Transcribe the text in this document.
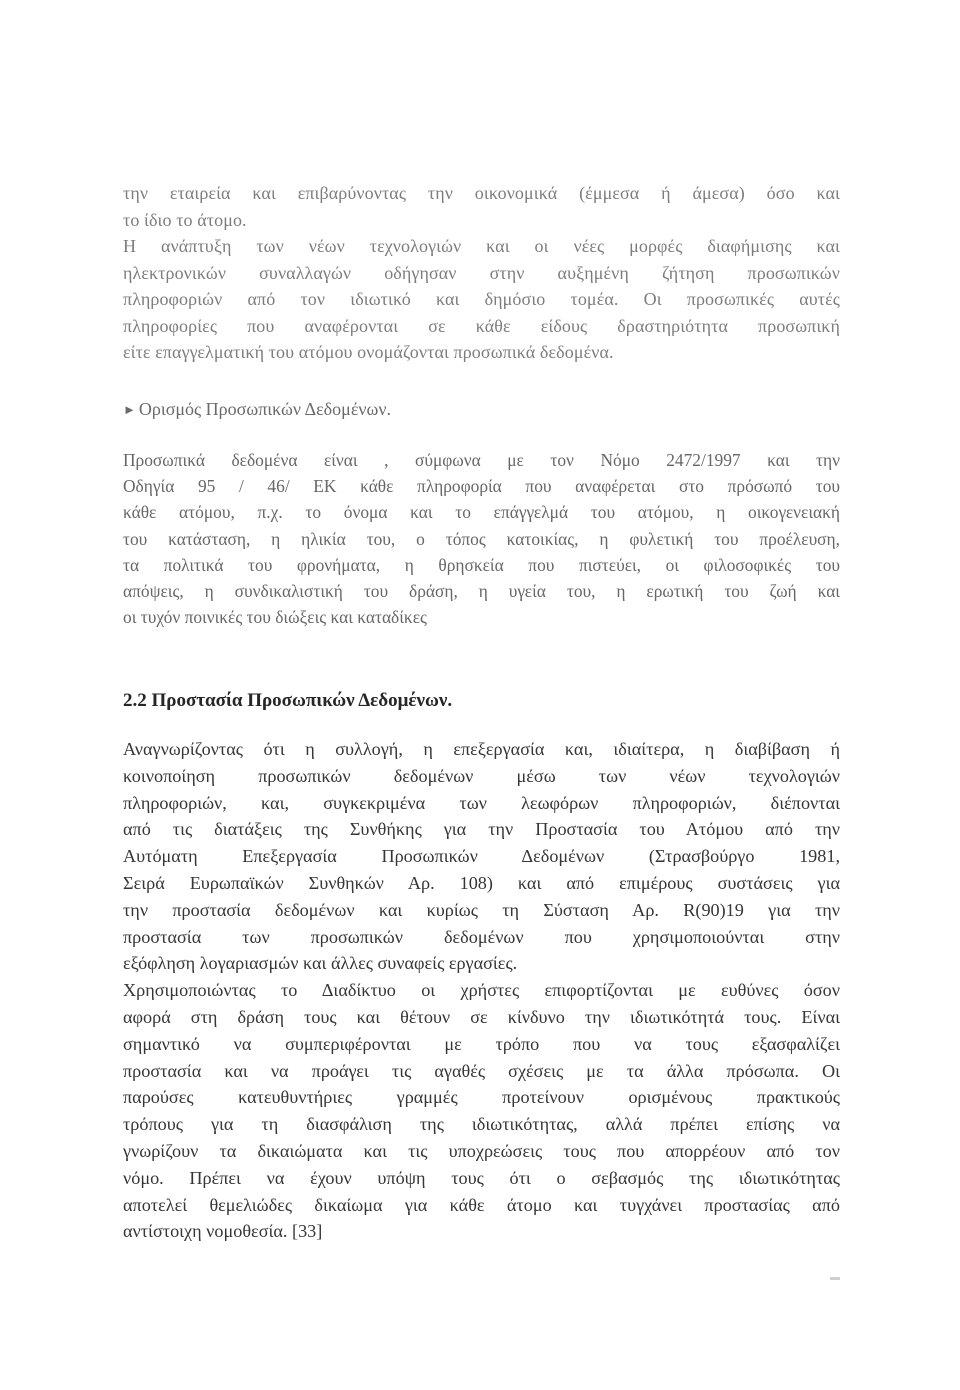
την εταιρεία και επιβαρύνοντας την οικονομικά (έμμεσα ή άμεσα) όσο και
το ίδιο το άτομο.
Η ανάπτυξη των νέων τεχνολογιών και οι νέες μορφές διαφήμισης και
ηλεκτρονικών συναλλαγών οδήγησαν στην αυξημένη ζήτηση προσωπικών
πληροφοριών από τον ιδιωτικό και δημόσιο τομέα. Οι προσωπικές αυτές
πληροφορίες που αναφέρονται σε κάθε είδους δραστηριότητα προσωπική
είτε επαγγελματική του ατόμου ονομάζονται προσωπικά δεδομένα.
► Ορισμός Προσωπικών Δεδομένων.
Προσωπικά δεδομένα είναι , σύμφωνα με τον Νόμο 2472/1997 και την
Οδηγία 95 / 46/ ΕΚ κάθε πληροφορία που αναφέρεται στο πρόσωπό του
κάθε ατόμου, π.χ. το όνομα και το επάγγελμά του ατόμου, η οικογενειακή
του κατάσταση, η ηλικία του, ο τόπος κατοικίας, η φυλετική του προέλευση,
τα πολιτικά του φρονήματα, η θρησκεία που πιστεύει, οι φιλοσοφικές του
απόψεις, η συνδικαλιστική του δράση, η υγεία του, η ερωτική του ζωή και
οι τυχόν ποινικές του διώξεις και καταδίκες
2.2 Προστασία Προσωπικών Δεδομένων.
Αναγνωρίζοντας ότι η συλλογή, η επεξεργασία και, ιδιαίτερα, η διαβίβαση ή
κοινοποίηση προσωπικών δεδομένων μέσω των νέων τεχνολογιών
πληροφοριών, και, συγκεκριμένα των λεωφόρων πληροφοριών, διέπονται
από τις διατάξεις της Συνθήκης για την Προστασία του Ατόμου από την
Αυτόματη Επεξεργασία Προσωπικών Δεδομένων (Στρασβούργο 1981,
Σειρά Ευρωπαϊκών Συνθηκών Αρ. 108) και από επιμέρους συστάσεις για
την προστασία δεδομένων και κυρίως τη Σύσταση Αρ. R(90)19 για την
προστασία των προσωπικών δεδομένων που χρησιμοποιούνται στην
εξόφληση λογαριασμών και άλλες συναφείς εργασίες.
Χρησιμοποιώντας το Διαδίκτυο οι χρήστες επιφορτίζονται με ευθύνες όσον
αφορά στη δράση τους και θέτουν σε κίνδυνο την ιδιωτικότητά τους. Είναι
σημαντικό να συμπεριφέρονται με τρόπο που να τους εξασφαλίζει
προστασία και να προάγει τις αγαθές σχέσεις με τα άλλα πρόσωπα. Οι
παρούσες κατευθυντήριες γραμμές προτείνουν ορισμένους πρακτικούς
τρόπους για τη διασφάλιση της ιδιωτικότητας, αλλά πρέπει επίσης να
γνωρίζουν τα δικαιώματα και τις υποχρεώσεις τους που απορρέουν από τον
νόμο. Πρέπει να έχουν υπόψη τους ότι ο σεβασμός της ιδιωτικότητας
αποτελεί θεμελιώδες δικαίωμα για κάθε άτομο και τυγχάνει προστασίας από
αντίστοιχη νομοθεσία. [33]
